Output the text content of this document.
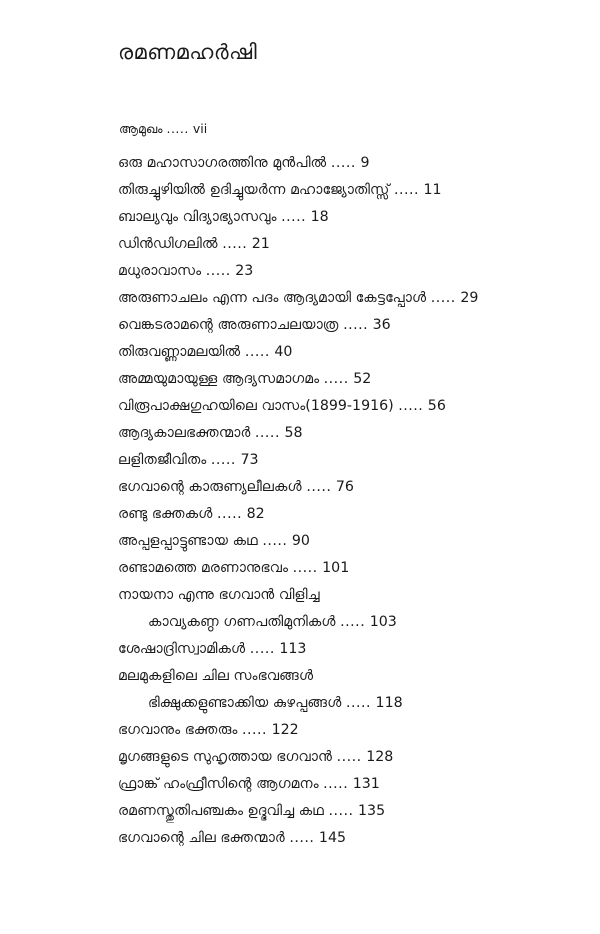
രമണമഹർഷി
ആമുഖം ..... vii
ഒരു മഹാസാഗരത്തിനു മുൻപിൽ ..... 9
തിരുച്ചുഴിയിൽ ഉദിച്ചുയർന്ന മഹാജ്യോതിസ്സ് ..... 11
ബാല്യവും വിദ്യാഭ്യാസവും ..... 18
ഡിൻഡിഗലിൽ ..... 21
മധുരാവാസം ..... 23
അരുണാചലം എന്ന പദം ആദ്യമായി കേട്ടപ്പോൾ ..... 29
വെങ്കടരാമന്റെ അരുണാചലയാത്ര ..... 36
തിരുവണ്ണാമലയിൽ ..... 40
അമ്മയുമായുള്ള ആദ്യസമാഗമം ..... 52
വിരൂപാക്ഷഗുഹയിലെ വാസം(1899-1916) ..... 56
ആദ്യകാലഭക്തന്മാർ ..... 58
ലളിതജീവിതം ..... 73
ഭഗവാന്റെ കാരുണ്യലീലകൾ ..... 76
രണ്ടു ഭക്തകൾ ..... 82
അപ്പളപ്പാട്ടുണ്ടായ കഥ ..... 90
രണ്ടാമത്തെ മരണാനുഭവം ..... 101
നായനാ എന്നു ഭഗവാൻ വിളിച്ച
കാവ്യകണ്ഠ ഗണപതിമുനികൾ ..... 103
ശേഷാദ്രിസ്വാമികൾ ..... 113
മലമുകളിലെ ചില സംഭവങ്ങൾ
ഭിക്ഷുക്കളുണ്ടാക്കിയ കുഴപ്പങ്ങൾ ..... 118
ഭഗവാനും ഭക്തരും ..... 122
മൃഗങ്ങളുടെ സുഹൃത്തായ ഭഗവാൻ ..... 128
ഫ്രാങ്ക് ഹംഫ്രീസിന്റെ ആഗമനം ..... 131
രമണസ്തുതിപഞ്ചകം ഉദ്ഭവിച്ച കഥ ..... 135
ഭഗവാന്റെ ചില ഭക്തന്മാർ ..... 145
